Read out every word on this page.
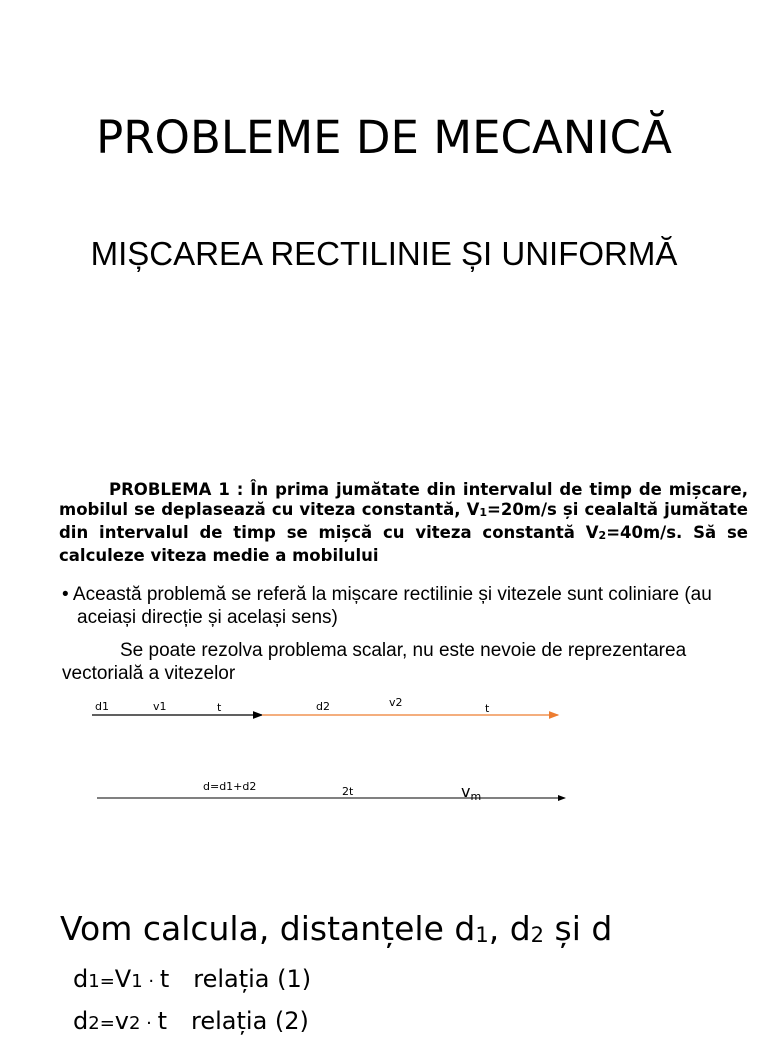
PROBLEME DE MECANICĂ
MIȘCAREA RECTILINIE ȘI UNIFORMĂ
PROBLEMA 1 : În prima jumătate din intervalul de timp de mișcare, mobilul se deplasează cu viteza constantă, $V_1=20m/s$ și cealaltă jumătate din intervalul de timp se mișcă cu viteza constantă $V_2=40m/s$. Să se calculeze viteza medie a mobilului
• Această problemă se referă la mișcare rectilinie și vitezele sunt coliniare (au aceiași direcție și același sens)
Se poate rezolva problema scalar, nu este nevoie de reprezentarea vectorială a vitezelor
d1	v1	t	d2	v2	t
d=d1+d2	2t	vm
Vom calcula, distanțele $d_1$, $d_2$ și d
d1=V1 · t relația (1)
d2=v2 · t relația (2)
